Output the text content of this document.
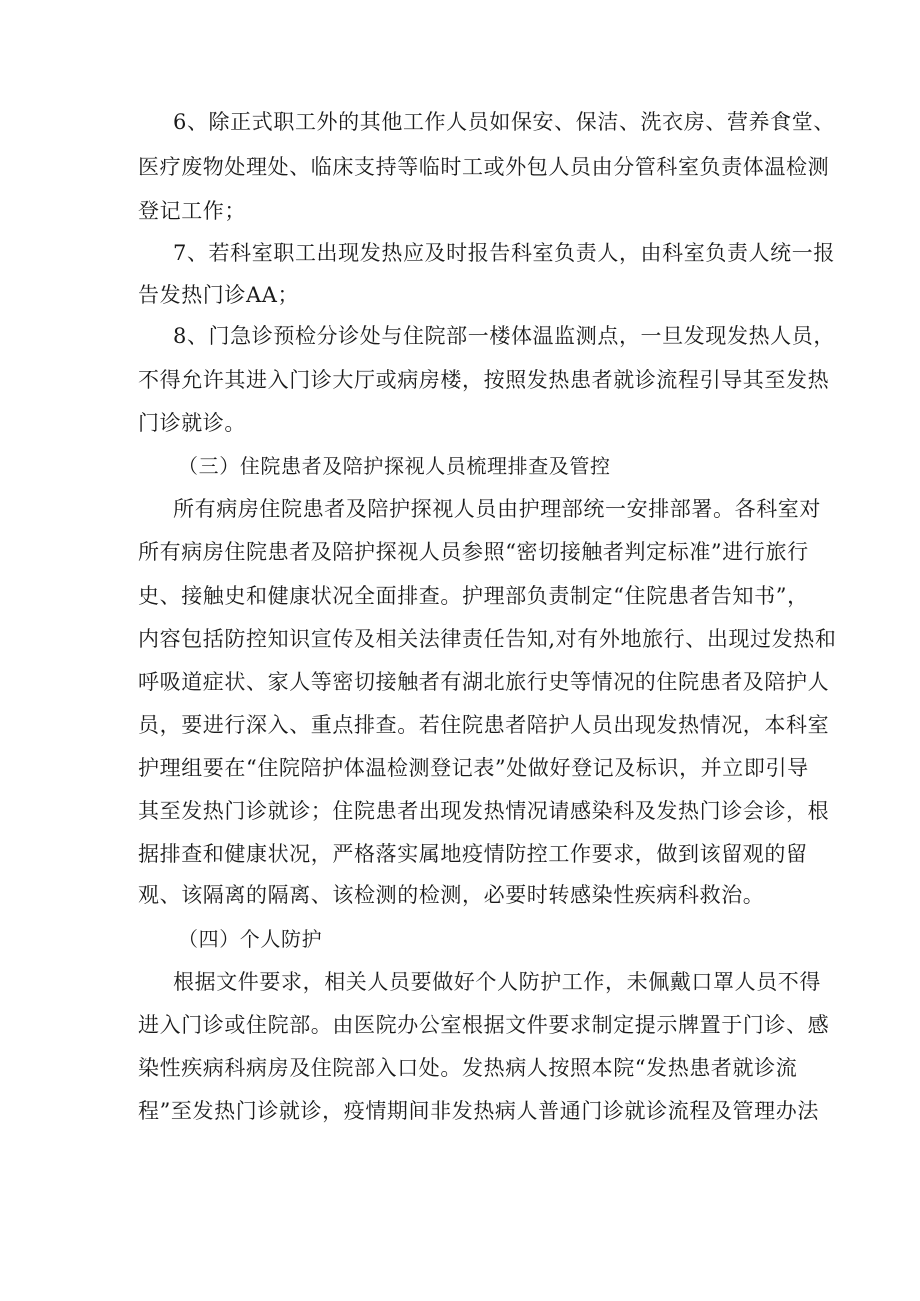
6、除正式职工外的其他工作人员如保安、保洁、洗衣房、营养食堂、
医疗废物处理处、临床支持等临时工或外包人员由分管科室负责体温检测
登记工作；
7、若科室职工出现发热应及时报告科室负责人，由科室负责人统一报
告发热门诊AA；
8、门急诊预检分诊处与住院部一楼体温监测点，一旦发现发热人员，
不得允许其进入门诊大厅或病房楼，按照发热患者就诊流程引导其至发热
门诊就诊。
（三）住院患者及陪护探视人员梳理排查及管控
所有病房住院患者及陪护探视人员由护理部统一安排部署。各科室对
所有病房住院患者及陪护探视人员参照“密切接触者判定标准”进行旅行
史、接触史和健康状况全面排查。护理部负责制定“住院患者告知书”，
内容包括防控知识宣传及相关法律责任告知,对有外地旅行、出现过发热和
呼吸道症状、家人等密切接触者有湖北旅行史等情况的住院患者及陪护人
员，要进行深入、重点排查。若住院患者陪护人员出现发热情况，本科室
护理组要在“住院陪护体温检测登记表”处做好登记及标识，并立即引导
其至发热门诊就诊；住院患者出现发热情况请感染科及发热门诊会诊，根
据排查和健康状况，严格落实属地疫情防控工作要求，做到该留观的留
观、该隔离的隔离、该检测的检测，必要时转感染性疾病科救治。
（四）个人防护
根据文件要求，相关人员要做好个人防护工作，未佩戴口罩人员不得
进入门诊或住院部。由医院办公室根据文件要求制定提示牌置于门诊、感
染性疾病科病房及住院部入口处。发热病人按照本院“发热患者就诊流
程”至发热门诊就诊，疫情期间非发热病人普通门诊就诊流程及管理办法
